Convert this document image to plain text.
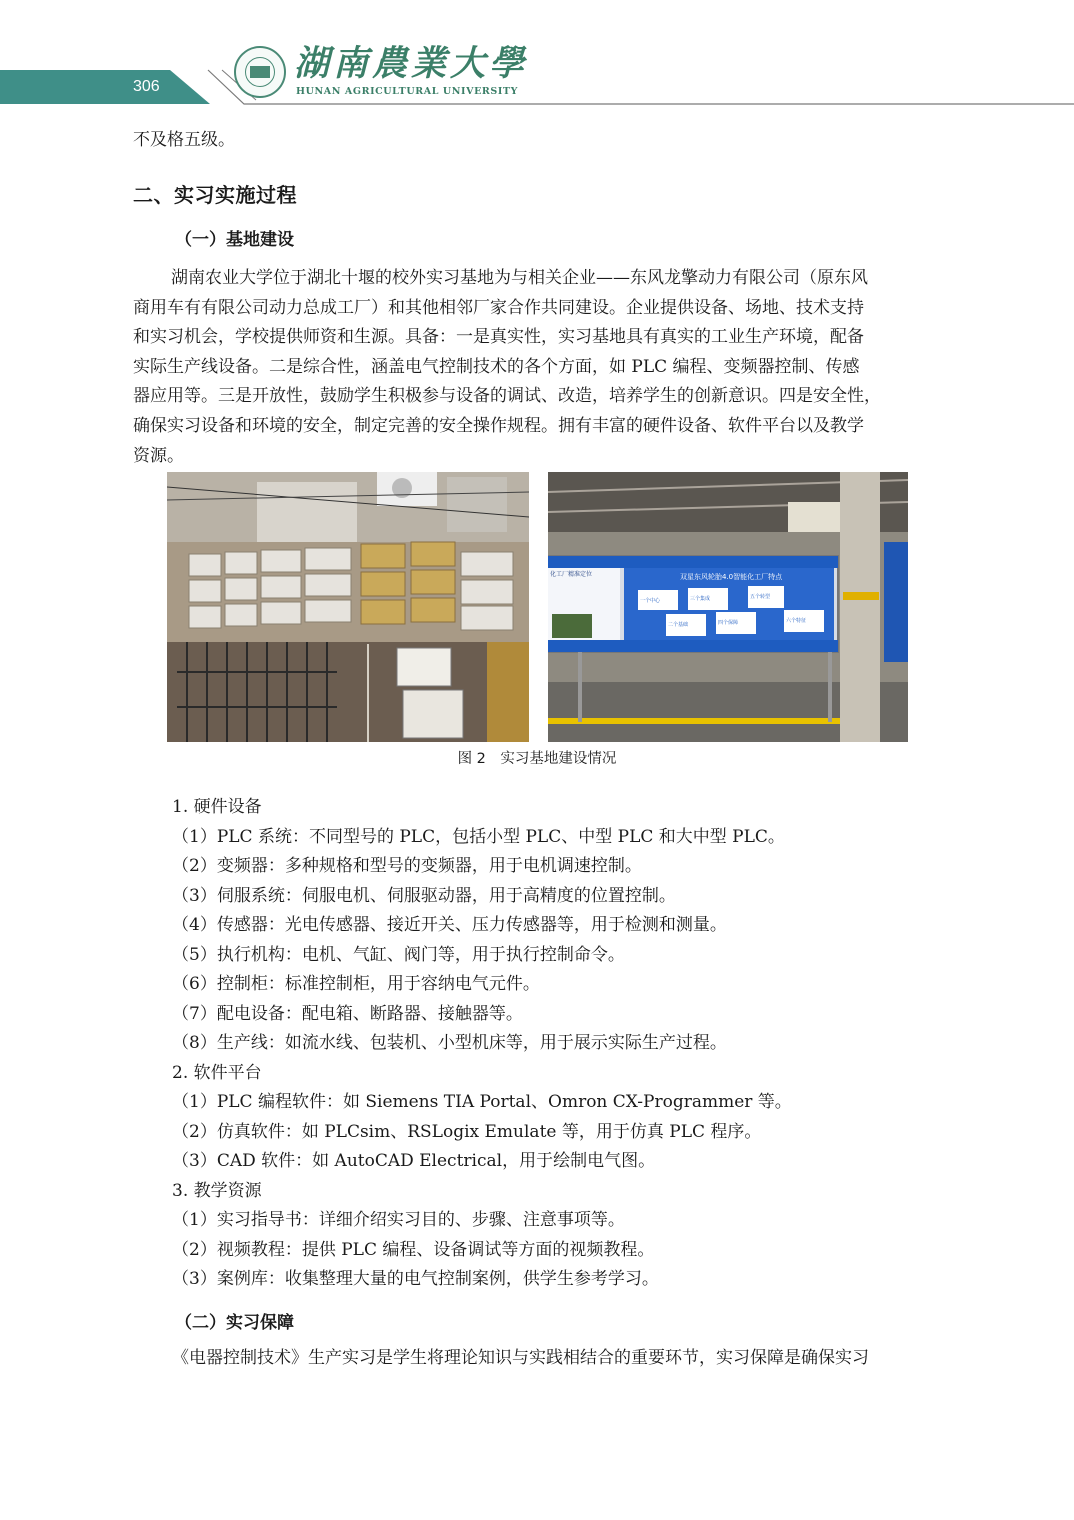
306
湖南農業大學
HUNAN AGRICULTURAL UNIVERSITY
不及格五级。
二、实习实施过程
（一）基地建设
湖南农业大学位于湖北十堰的校外实习基地为与相关企业——东风龙擎动力有限公司（原东风
商用车有有限公司动力总成工厂）和其他相邻厂家合作共同建设。企业提供设备、场地、技术支持
和实习机会，学校提供师资和生源。具备：一是真实性，实习基地具有真实的工业生产环境，配备
实际生产线设备。二是综合性，涵盖电气控制技术的各个方面，如 PLC 编程、变频器控制、传感
器应用等。三是开放性，鼓励学生积极参与设备的调试、改造，培养学生的创新意识。四是安全性，
确保实习设备和环境的安全，制定完善的安全操作规程。拥有丰富的硬件设备、软件平台以及教学
资源。
双星东风轮胎4.0智能化工厂特点
化工厂精准定位
一个中心	三个集成	五个转型
二个基础	四个保障	六个特征
图 2　实习基地建设情况
1. 硬件设备
（1）PLC 系统：不同型号的 PLC，包括小型 PLC、中型 PLC 和大中型 PLC。
（2）变频器：多种规格和型号的变频器，用于电机调速控制。
（3）伺服系统：伺服电机、伺服驱动器，用于高精度的位置控制。
（4）传感器：光电传感器、接近开关、压力传感器等，用于检测和测量。
（5）执行机构：电机、气缸、阀门等，用于执行控制命令。
（6）控制柜：标准控制柜，用于容纳电气元件。
（7）配电设备：配电箱、断路器、接触器等。
（8）生产线：如流水线、包装机、小型机床等，用于展示实际生产过程。
2. 软件平台
（1）PLC 编程软件：如 Siemens TIA Portal、Omron CX-Programmer 等。
（2）仿真软件：如 PLCsim、RSLogix Emulate 等，用于仿真 PLC 程序。
（3）CAD 软件：如 AutoCAD Electrical，用于绘制电气图。
3. 教学资源
（1）实习指导书：详细介绍实习目的、步骤、注意事项等。
（2）视频教程：提供 PLC 编程、设备调试等方面的视频教程。
（3）案例库：收集整理大量的电气控制案例，供学生参考学习。
（二）实习保障
《电器控制技术》生产实习是学生将理论知识与实践相结合的重要环节，实习保障是确保实习
